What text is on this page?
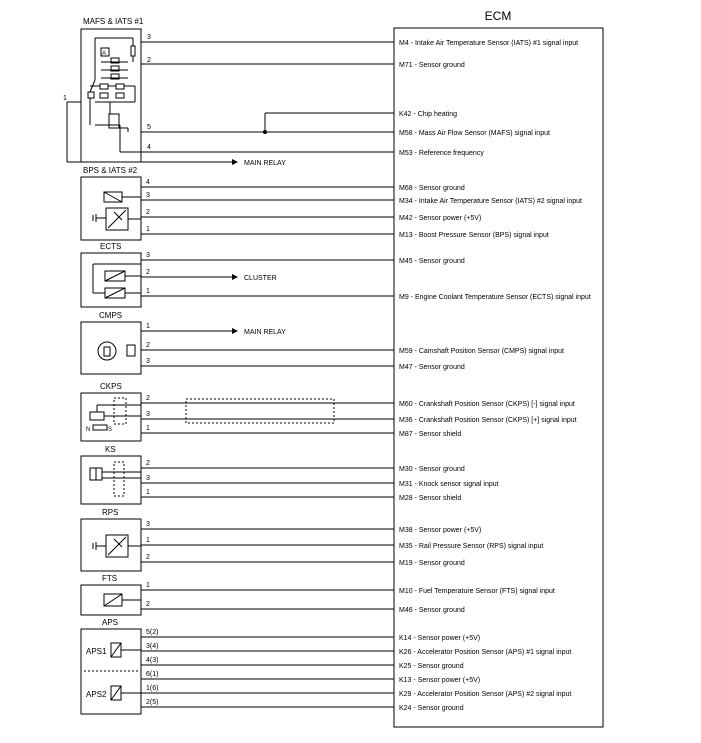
ECM
MAFS & IATS #1
BPS & IATS #2
ECTS
CMPS
CKPS
KS
RPS
FTS
APS
A
N	S
APS1
APS2
3
2
5
4
1
4
3
2
1
3
2
1
1
2
3
2
3
1
2
3
1
3
1
2
1
2
5(2)
3(4)
4(3)
6(1)
1(6)
2(5)
MAIN RELAY
CLUSTER
MAIN RELAY
M4 - Intake Air Temperature Sensor (IATS) #1 signal input
M71 - Sensor ground
K42 - Chip heating
M58 - Mass Air Flow Sensor (MAFS) signal input
M53 - Reference frequency
M68 - Sensor ground
M34 - Intake Air Temperature Sensor (IATS) #2 signal input
M42 - Sensor power (+5V)
M13 - Boost Pressure Sensor (BPS) signal input
M45 - Sensor ground
M9 - Engine Coolant Temperature Sensor (ECTS) signal input
M59 - Camshaft Position Sensor (CMPS) signal input
M47 - Sensor ground
M60 - Crankshaft Position Sensor (CKPS) [-] signal input
M36 - Crankshaft Position Sensor (CKPS) [+] signal input
M87 - Sensor shield
M30 - Sensor ground
M31 - Knock sensor signal input
M28 - Sensor shield
M38 - Sensor power (+5V)
M35 - Rail Pressure Sensor (RPS) signal input
M19 - Sensor ground
M10 - Fuel Temperature Sensor (FTS) signal input
M46 - Sensor ground
K14 - Sensor power (+5V)
K26 - Accelerator Position Sensor (APS) #1 signal input
K25 - Sensor ground
K13 - Sensor power (+5V)
K29 - Accelerator Position Sensor (APS) #2 signal input
K24 - Sensor ground
